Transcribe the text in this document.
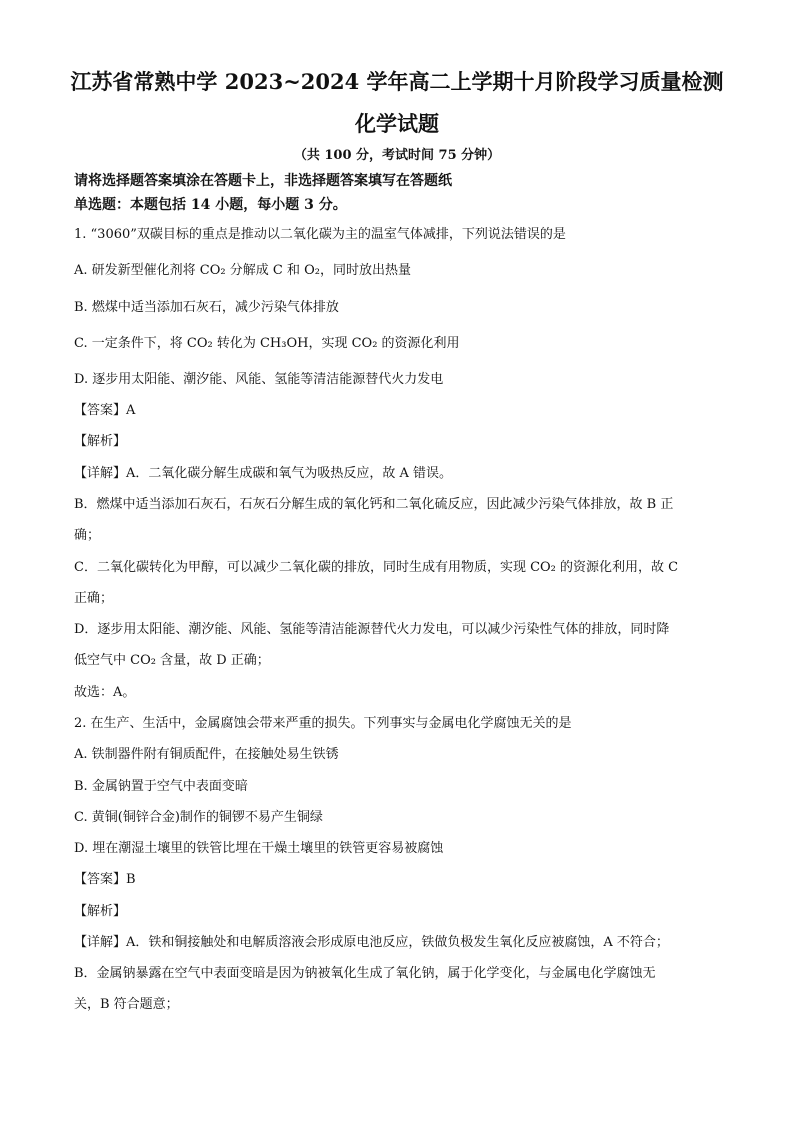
江苏省常熟中学 2023~2024 学年高二上学期十月阶段学习质量检测
化学试题
（共 100 分，考试时间 75 分钟）
请将选择题答案填涂在答题卡上，非选择题答案填写在答题纸
单选题：本题包括 14 小题，每小题 3 分。
1. “3060”双碳目标的重点是推动以二氧化碳为主的温室气体减排，下列说法错误的是
A. 研发新型催化剂将 CO₂ 分解成 C 和 O₂，同时放出热量
B. 燃煤中适当添加石灰石，减少污染气体排放
C. 一定条件下，将 CO₂ 转化为 CH₃OH，实现 CO₂ 的资源化利用
D. 逐步用太阳能、潮汐能、风能、氢能等清洁能源替代火力发电
【答案】A
【解析】
【详解】A．二氧化碳分解生成碳和氧气为吸热反应，故 A 错误。
B．燃煤中适当添加石灰石，石灰石分解生成的氧化钙和二氧化硫反应，因此减少污染气体排放，故 B 正
确；
C．二氧化碳转化为甲醇，可以减少二氧化碳的排放，同时生成有用物质，实现 CO₂ 的资源化利用，故 C
正确；
D．逐步用太阳能、潮汐能、风能、氢能等清洁能源替代火力发电，可以减少污染性气体的排放，同时降
低空气中 CO₂ 含量，故 D 正确；
故选：A。
2. 在生产、生活中，金属腐蚀会带来严重的损失。下列事实与金属电化学腐蚀无关的是
A. 铁制器件附有铜质配件，在接触处易生铁锈
B. 金属钠置于空气中表面变暗
C. 黄铜(铜锌合金)制作的铜锣不易产生铜绿
D. 埋在潮湿土壤里的铁管比埋在干燥土壤里的铁管更容易被腐蚀
【答案】B
【解析】
【详解】A．铁和铜接触处和电解质溶液会形成原电池反应，铁做负极发生氧化反应被腐蚀，A 不符合；
B．金属钠暴露在空气中表面变暗是因为钠被氧化生成了氧化钠，属于化学变化，与金属电化学腐蚀无
关，B 符合题意；
